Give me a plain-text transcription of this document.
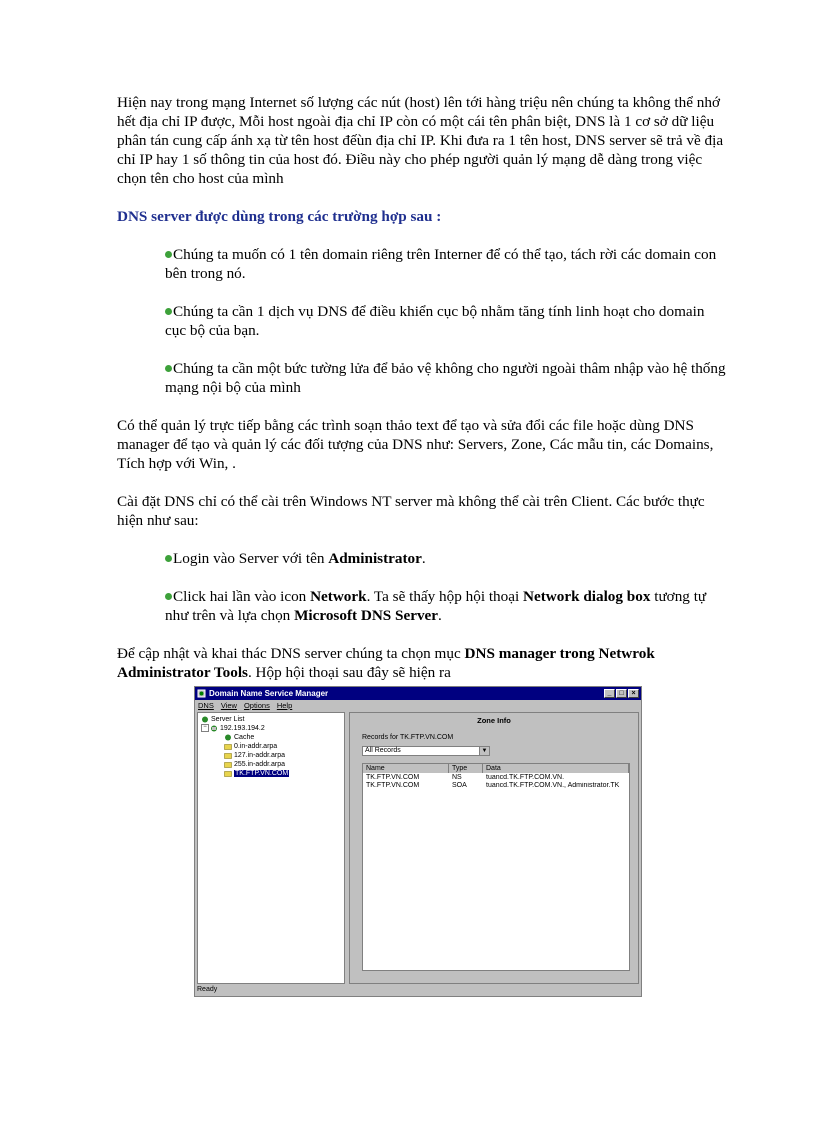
Hiện nay trong mạng Internet số lượng các nút (host) lên tới hàng triệu nên chúng ta không thể nhớ hết địa chỉ IP được, Mỗi host ngoài địa chỉ IP còn có một cái tên phân biệt, DNS là 1 cơ sở dữ liệu phân tán cung cấp ánh xạ từ tên host đếùn địa chỉ IP. Khi đưa ra 1 tên host, DNS server sẽ trả về địa chỉ IP hay 1 số thông tin của host đó. Điều này cho phép người quản lý mạng dễ dàng trong việc chọn tên cho host của mình

DNS server được dùng trong các trường hợp sau :

Chúng ta muốn có 1 tên domain riêng trên Interner để có thể tạo, tách rời các domain con bên trong nó.

Chúng ta cần 1 dịch vụ DNS để điều khiển cục bộ nhằm tăng tính linh hoạt cho domain cục bộ của bạn.

Chúng ta cần một bức tường lửa để bảo vệ không cho người ngoài thâm nhập vào hệ thống mạng nội bộ của mình

Có thể quản lý trực tiếp bằng các trình soạn thảo text để tạo và sửa đổi các file hoặc dùng DNS manager để tạo và quản lý các đối tượng của DNS như: Servers, Zone, Các mẫu tin, các Domains, Tích hợp với Win, .

Cài đặt DNS chỉ có thể cài trên Windows NT server mà không thể cài trên Client. Các bước thực hiện như sau:

Login vào Server với tên Administrator.

Click hai lần vào icon Network. Ta sẽ thấy hộp hội thoại Network dialog box tương tự như trên và lựa chọn Microsoft DNS Server.

Để cập nhật và khai thác DNS server chúng ta chọn mục DNS manager trong Netwrok Administrator Tools. Hộp hội thoại sau đây sẽ hiện ra

Domain Name Service Manager	_	□	×
DNS View Options Help
Server List
− 192.193.194.2
Cache
0.in-addr.arpa
127.in-addr.arpa
255.in-addr.arpa
TK.FTP.VN.COM
Zone Info
Records for TK.FTP.VN.COM
All Records	▼
Name	Type	Data
TK.FTP.VN.COM	NS	tuancd.TK.FTP.COM.VN.
TK.FTP.VN.COM	SOA	tuancd.TK.FTP.COM.VN., Administrator.TK
Ready
